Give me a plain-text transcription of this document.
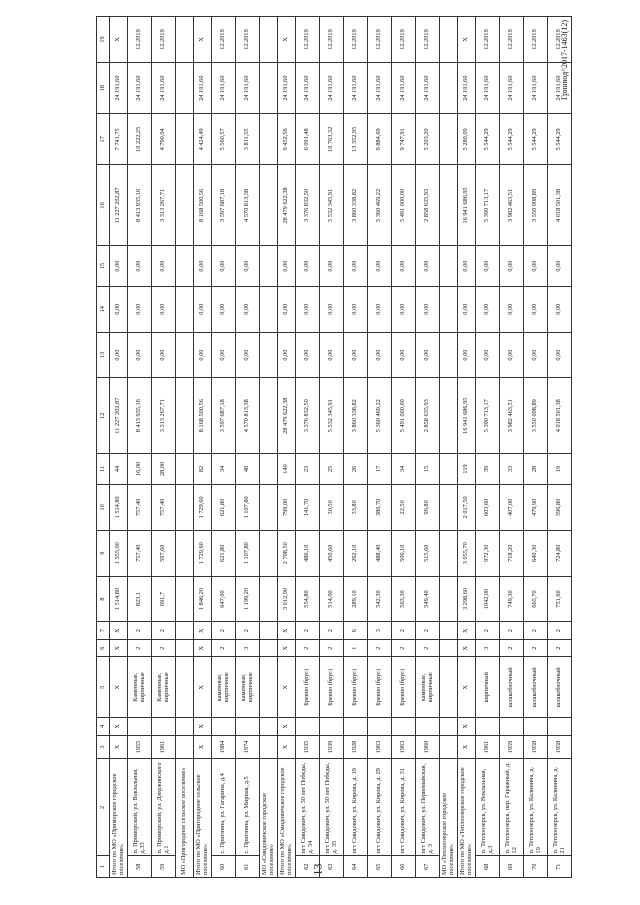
13
Гринвод^2017-1463(12)
1	2	3	4	5	6	7	8	9	10	11	12	13	14	15	16	17	18	19
Итого по МО «Приморское городское поселение»		X	X	X	X	X	1 514,80	1 355,00	1 514,80	44	11 227 202,87	0,00	0,00	0,00	11 227 202,87	7 741,75	24 191,60	X
58	п. Приморский, ул. Вокзальная, д.33	1955		Каменные, кирпичные	2	2	823,1	757,40	757,40	16,00	8 413 935,16	0,00	0,00	0,00	8 413 935,16	10 222,25	24 191,60	12.2019
59	п. Приморский, ул. Дзержинского д.1	1961		Каменные, кирпичные	2	2	691,7	597,60	757,40	28,00	3 313 267,71	0,00	0,00	0,00	3 313 267,71	4 790,04	24 191,60	12.2019
МО «Пригородное сельское поселение»																		
Итого по МО «Пригородное сельское поселение»		X	X	X	X	X	1 846,20	1 729,60	1 729,60	82	8 168 500,56	0,00	0,00	0,00	8 168 500,56	4 424,49	24 191,60	X
60	с. Пригнина, ул. Гагарина, д.4	1984		каменные, кирпичные	2	2	647,00	621,80	621,80	34	3 597 687,18	0,00	0,00	0,00	3 597 687,18	5 560,57	24 191,60	12.2019
61	с. Пригнина, ул. Мирная, д.5	1974		каменные, кирпичные	3	2	1 199,20	1 107,80	1 107,80	48	4 570 813,38	0,00	0,00	0,00	4 570 813,38	3 811,55	24 191,60	12.2019
МО «Смидовичское городское поселение»																		
Итого по МО «Смидовичское городское поселение»		X	X	X	X	X	3 012,90	2 708,50	799,00	140	28 479 622,38	0,00	0,00	0,00	28 479 622,38	9 452,56	24 191,60	X
62	пгт Смидович, ул. 30 лет Победы, д. 34	1935		Бревно (брус)	2	2	554,80	486,10	141,70	23	3 376 832,50	0,00	0,00	0,00	3 376 832,50	6 091,48	24 191,60	12.2019
63	пгт Смидович, ул. 30 лет Победы, д. 35	1939		Бревно (брус)	2	2	514,00	450,60	30,50	25	5 532 345,91	0,00	0,00	0,00	5 532 345,91	10 763,32	24 191,60	12.2019
64	пгт Смидович, ул. Кирова, д. 19	1928		Бревно (брус)	1	6	289,10	262,10	33,80	26	3 860 338,82	0,00	0,00	0,00	3 860 338,82	13 352,95	24 191,60	12.2019
65	пгт Смидович, ул. Кирова, д. 29	1963		Бревно (брус)	2	3	542,30	488,40	380,70	17	5 360 469,22	0,00	0,00	0,00	5 360 469,22	9 884,69	24 191,60	12.2019
66	пгт Смидович, ул. Кирова, д. 31	1963		Бревно (брус)	2	2	563,30	506,10	22,50	34	5 491 000,00	0,00	0,00	0,00	5 491 000,00	9 747,91	24 191,60	12.2019
67	пгт Смидович, ул. Первомайская, д. 3	1960		каменные, кирпичные	2	2	549,40	515,60	99,80	15	2 858 635,93	0,00	0,00	0,00	2 858 635,93	5 203,20	24 191,60	12.2019
МО «Теплоозерское городское поселение»																		
Итого по МО «Теплоозерское городское поселение»		X	X	X	X	X	3 298,60	3 055,70	2 017,50	119	16 941 686,95	0,00	0,00	0,00	16 941 686,95	5 280,09	24 191,60	X
68	п. Теплоозерск, ул. Вокзальная, д.3	1961		кирпичный	3	2	1042,00	972,30	603,60	39	5 390 713,17	0,00	0,00	0,00	5 390 713,17	5 544,29	24 191,60	12.2019
69	п. Теплоозерск, пер. Гаражный, д. 12	1959		шлакоблочный	2	2	749,30	718,20	407,00	33	3 982 463,51	0,00	0,00	0,00	3 982 463,51	5 544,29	24 191,60	12.2019
70	п. Теплоозерск, ул. Калинина, д. 19	1958		шлакоблочный	2	2	665,70	640,30	479,90	28	3 550 008,89	0,00	0,00	0,00	3 550 008,89	5 544,29	24 191,60	12.2019
71	п. Теплоозерск, ул. Калинина, д. 21	1958		шлакоблочный	2	2	751,60	724,80	596,80	19	4 018 501,38	0,00	0,00	0,00	4 018 501,38	5 544,29	24 191,60	12.2019
